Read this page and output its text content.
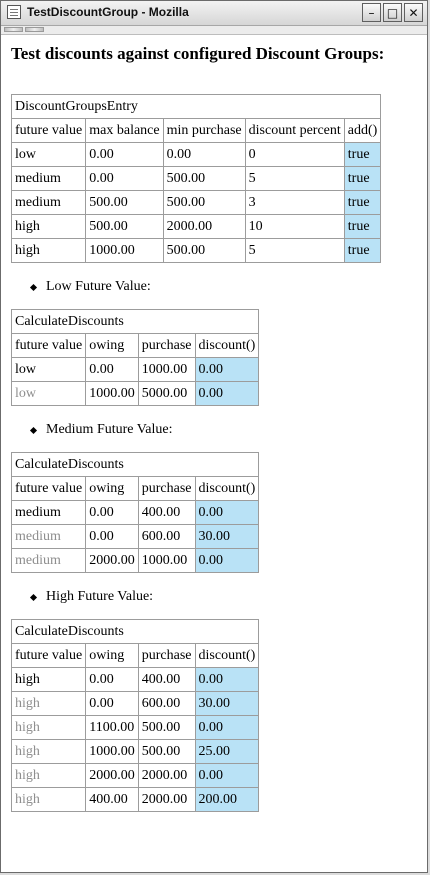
TestDiscountGroup - Mozilla	–	□ ✕
Test discounts against configured Discount Groups:
DiscountGroupsEntry				
future value	max balance	min purchase	discount percent	add()
low	0.00	0.00	0	true
medium	0.00	500.00	5	true
medium	500.00	500.00	3	true
high	500.00	2000.00	10	true
high	1000.00	500.00	5	true
Low Future Value:
CalculateDiscounts			
future value	owing	purchase	discount()
low	0.00	1000.00	0.00
low	1000.00	5000.00	0.00
Medium Future Value:
CalculateDiscounts			
future value	owing	purchase	discount()
medium	0.00	400.00	0.00
medium	0.00	600.00	30.00
medium	2000.00	1000.00	0.00
High Future Value:
CalculateDiscounts			
future value	owing	purchase	discount()
high	0.00	400.00	0.00
high	0.00	600.00	30.00
high	1100.00	500.00	0.00
high	1000.00	500.00	25.00
high	2000.00	2000.00	0.00
high	400.00	2000.00	200.00
